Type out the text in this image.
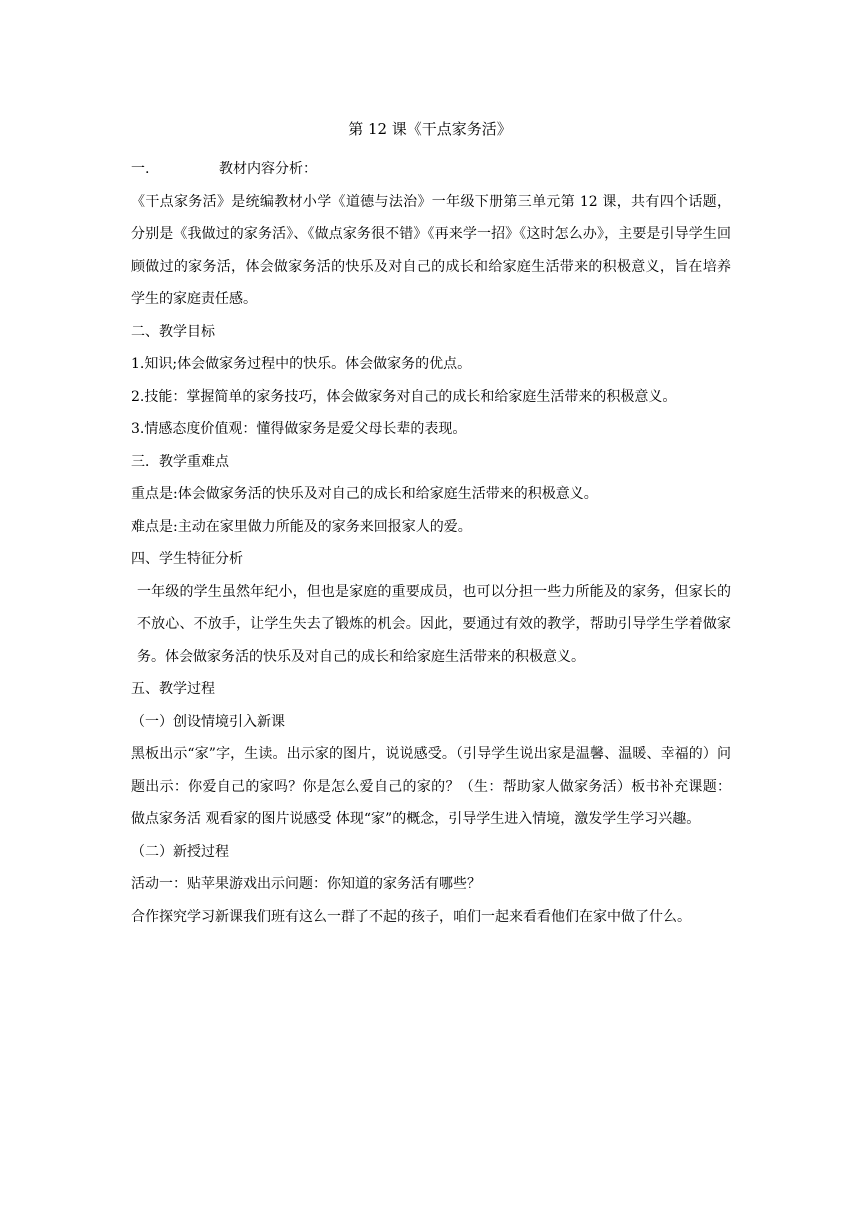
第 12 课《干点家务活》

一.	教材内容分析：

《干点家务活》是统编教材小学《道德与法治》一年级下册第三单元第 12 课，共有四个话题，分别是《我做过的家务活》、《做点家务很不错》《再来学一招》《这时怎么办》，主要是引导学生回顾做过的家务活，体会做家务活的快乐及对自己的成长和给家庭生活带来的积极意义，旨在培养学生的家庭责任感。

二、教学目标

1.知识;体会做家务过程中的快乐。体会做家务的优点。

2.技能：掌握简单的家务技巧，体会做家务对自己的成长和给家庭生活带来的积极意义。

3.情感态度价值观：懂得做家务是爱父母长辈的表现。

三．教学重难点

重点是:体会做家务活的快乐及对自己的成长和给家庭生活带来的积极意义。

难点是:主动在家里做力所能及的家务来回报家人的爱。

四、学生特征分析

一年级的学生虽然年纪小，但也是家庭的重要成员，也可以分担一些力所能及的家务，但家长的不放心、不放手，让学生失去了锻炼的机会。因此，要通过有效的教学，帮助引导学生学着做家务。体会做家务活的快乐及对自己的成长和给家庭生活带来的积极意义。

五、教学过程

（一）创设情境引入新课

黑板出示“家”字，生读。出示家的图片，说说感受。（引导学生说出家是温馨、温暖、幸福的）问题出示：你爱自己的家吗？你是怎么爱自己的家的？（生：帮助家人做家务活）板书补充课题：做点家务活 观看家的图片说感受 体现“家”的概念，引导学生进入情境，激发学生学习兴趣。

（二）新授过程

活动一：贴苹果游戏出示问题：你知道的家务活有哪些？

合作探究学习新课我们班有这么一群了不起的孩子，咱们一起来看看他们在家中做了什么。
